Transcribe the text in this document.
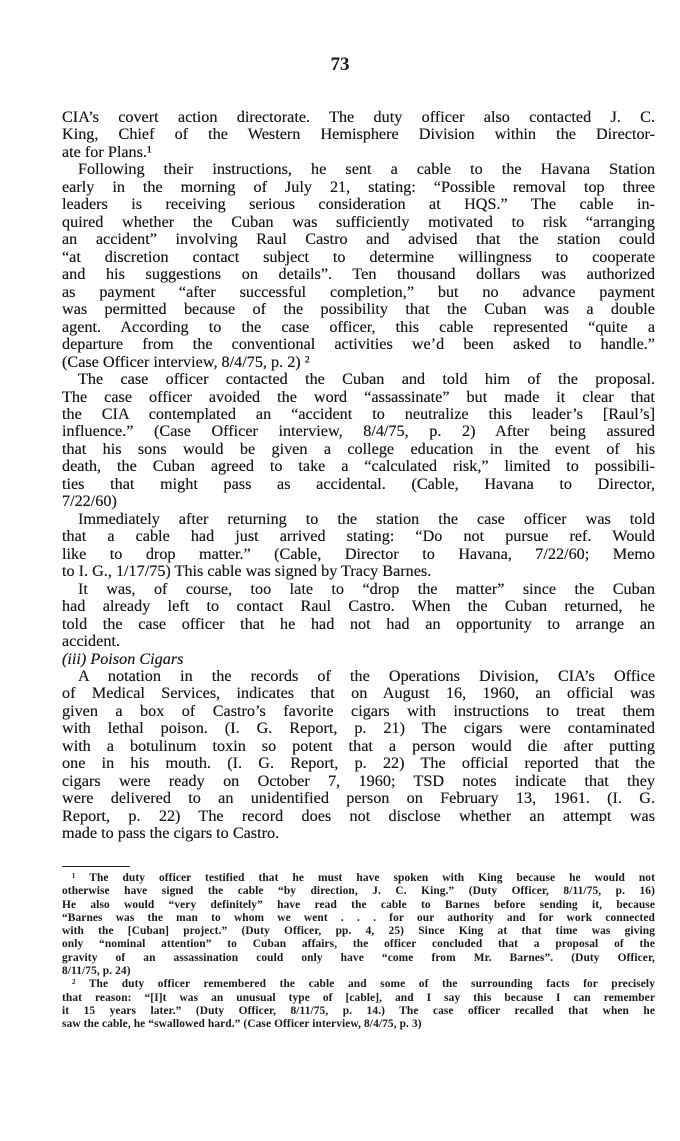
73
CIA’s covert action directorate. The duty officer also contacted J. C.
King, Chief of the Western Hemisphere Division within the Director-
ate for Plans.¹
Following their instructions, he sent a cable to the Havana Station
early in the morning of July 21, stating: “Possible removal top three
leaders is receiving serious consideration at HQS.” The cable in-
quired whether the Cuban was sufficiently motivated to risk “arranging
an accident” involving Raul Castro and advised that the station could
“at discretion contact subject to determine willingness to cooperate
and his suggestions on details”. Ten thousand dollars was authorized
as payment “after successful completion,” but no advance payment
was permitted because of the possibility that the Cuban was a double
agent. According to the case officer, this cable represented “quite a
departure from the conventional activities we’d been asked to handle.”
(Case Officer interview, 8/4/75, p. 2) ²
The case officer contacted the Cuban and told him of the proposal.
The case officer avoided the word “assassinate” but made it clear that
the CIA contemplated an “accident to neutralize this leader’s [Raul’s]
influence.” (Case Officer interview, 8/4/75, p. 2) After being assured
that his sons would be given a college education in the event of his
death, the Cuban agreed to take a “calculated risk,” limited to possibili-
ties that might pass as accidental. (Cable, Havana to Director,
7/22/60)
Immediately after returning to the station the case officer was told
that a cable had just arrived stating: “Do not pursue ref. Would
like to drop matter.” (Cable, Director to Havana, 7/22/60; Memo
to I. G., 1/17/75) This cable was signed by Tracy Barnes.
It was, of course, too late to “drop the matter” since the Cuban
had already left to contact Raul Castro. When the Cuban returned, he
told the case officer that he had not had an opportunity to arrange an
accident.
(iii) Poison Cigars
A notation in the records of the Operations Division, CIA’s Office
of Medical Services, indicates that on August 16, 1960, an official was
given a box of Castro’s favorite cigars with instructions to treat them
with lethal poison. (I. G. Report, p. 21) The cigars were contaminated
with a botulinum toxin so potent that a person would die after putting
one in his mouth. (I. G. Report, p. 22) The official reported that the
cigars were ready on October 7, 1960; TSD notes indicate that they
were delivered to an unidentified person on February 13, 1961. (I. G.
Report, p. 22) The record does not disclose whether an attempt was
made to pass the cigars to Castro.
¹ The duty officer testified that he must have spoken with King because he would not
otherwise have signed the cable “by direction, J. C. King.” (Duty Officer, 8/11/75, p. 16)
He also would “very definitely” have read the cable to Barnes before sending it, because
“Barnes was the man to whom we went . . . for our authority and for work connected
with the [Cuban] project.” (Duty Officer, pp. 4, 25) Since King at that time was giving
only “nominal attention” to Cuban affairs, the officer concluded that a proposal of the
gravity of an assassination could only have “come from Mr. Barnes”. (Duty Officer,
8/11/75, p. 24)
² The duty officer remembered the cable and some of the surrounding facts for precisely
that reason: “[I]t was an unusual type of [cable], and I say this because I can remember
it 15 years later.” (Duty Officer, 8/11/75, p. 14.) The case officer recalled that when he
saw the cable, he “swallowed hard.” (Case Officer interview, 8/4/75, p. 3)
